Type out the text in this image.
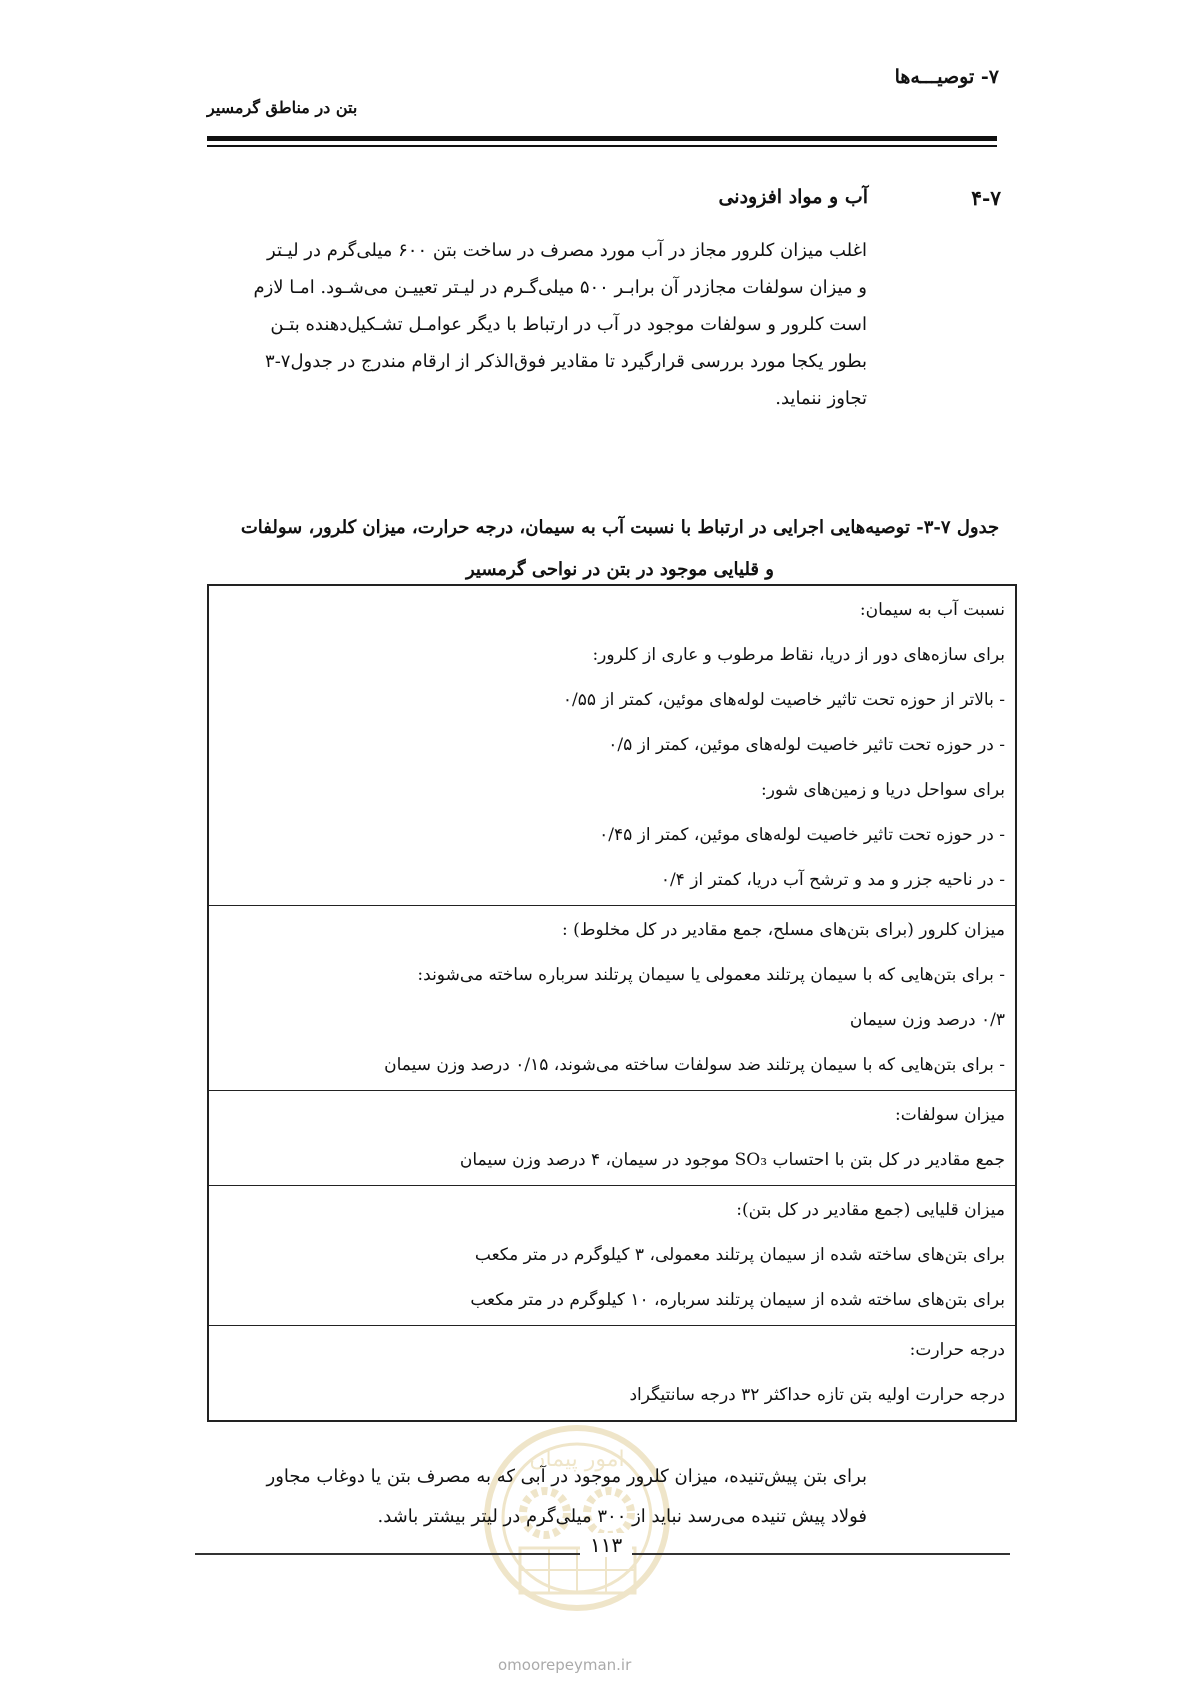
۷- توصیـــه‌ها
بتن در مناطق گرمسیر
۴-۷
آب و مواد افزودنی
اغلب میزان کلرور مجاز در آب مورد مصرف در ساخت بتن ۶۰۰ میلی‌گرم در لیـتر
و میزان سولفات مجازدر آن برابـر ۵۰۰ میلی‌گـرم در لیـتر تعییـن می‌شـود. امـا لازم
است کلرور و سولفات موجود در آب در ارتباط با دیگر عوامـل تشـکیل‌دهنده بتـن
بطور یکجا مورد بررسی قرارگیرد تا مقادیر فوق‌الذکر از ارقام مندرج در جدول۷-۳
تجاوز ننماید.
جدول ۷-۳- توصیه‌هایی اجرایی در ارتباط با نسبت آب به سیمان، درجه حرارت، میزان کلرور، سولفات
و قلیایی موجود در بتن در نواحی گرمسیر
نسبت آب به سیمان:
برای سازه‌های دور از دریا، نقاط مرطوب و عاری از کلرور:
- بالاتر از حوزه تحت تاثیر خاصیت لوله‌های موئین، کمتر از ۰/۵۵
- در حوزه تحت تاثیر خاصیت لوله‌های موئین، کمتر از ۰/۵
برای سواحل دریا و زمین‌های شور:
- در حوزه تحت تاثیر خاصیت لوله‌های موئین، کمتر از ۰/۴۵
- در ناحیه جزر و مد و ترشح آب دریا، کمتر از ۰/۴
میزان کلرور (برای بتن‌های مسلح، جمع مقادیر در کل مخلوط) :
- برای بتن‌هایی که با سیمان پرتلند معمولی یا سیمان پرتلند سرباره ساخته می‌شوند:
۰/۳ درصد وزن سیمان
- برای بتن‌هایی که با سیمان پرتلند ضد سولفات ساخته می‌شوند، ۰/۱۵ درصد وزن سیمان
میزان سولفات:
جمع مقادیر در کل بتن با احتساب SO₃ موجود در سیمان، ۴ درصد وزن سیمان
میزان قلیایی (جمع مقادیر در کل بتن):
برای بتن‌های ساخته شده از سیمان پرتلند معمولی، ۳ کیلوگرم در متر مکعب
برای بتن‌های ساخته شده از سیمان پرتلند سرباره، ۱۰ کیلوگرم در متر مکعب
درجه حرارت:
درجه حرارت اولیه بتن تازه حداکثر ۳۲ درجه سانتیگراد
امور پیمان
برای بتن پیش‌تنیده، میزان کلرور موجود در آبی که به مصرف بتن یا دوغاب مجاور
فولاد پیش تنیده می‌رسد نباید از ۳۰۰ میلی‌گرم در لیتر بیشتر باشد.
۱۱۳
omoorepeyman.ir
